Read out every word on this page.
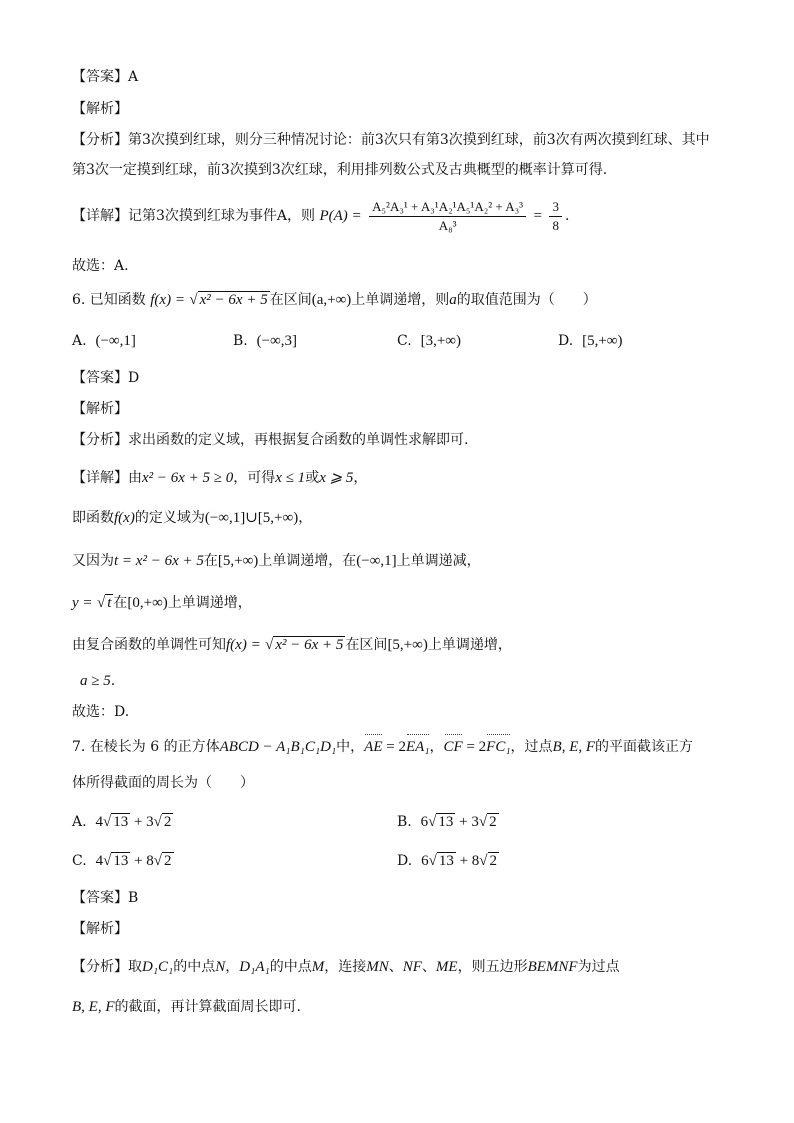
【答案】A
【解析】
【分析】第3次摸到红球，则分三种情况讨论：前3次只有第3次摸到红球，前3次有两次摸到红球、其中
第3次一定摸到红球，前3次摸到3次红球，利用排列数公式及古典概型的概率计算可得.
【详解】记第3次摸到红球为事件A，则 $P(A) = \frac{\text{A₅²A₃¹ + A₃¹A₂¹A₅¹A₂² + A₃³}}{\text{A₈³}} = \frac{3}{8}$ .
故选：A.
6. 已知函数 f(x) = √ x² − 6x + 5 在区间(a,+∞)上单调递增，则a的取值范围为（　　）
A. (−∞,1]	B. (−∞,3]	C. [3,+∞)	D. [5,+∞)
【答案】D
【解析】
【分析】求出函数的定义域，再根据复合函数的单调性求解即可.
【详解】由x² − 6x + 5 ≥ 0，可得x ≤ 1或x ⩾ 5，
即函数f(x)的定义域为(−∞,1]∪[5,+∞)，
又因为t = x² − 6x + 5在[5,+∞)上单调递增，在(−∞,1]上单调递减，
y = √ t 在[0,+∞)上单调递增，
由复合函数的单调性可知f(x) = √ x² − 6x + 5 在区间[5,+∞)上单调递增，
a ≥ 5.
故选：D.
7. 在棱长为 6 的正方体ABCD − A₁B₁C₁D₁中，AE = 2EA₁，CF = 2FC₁，过点B, E, F的平面截该正方
体所得截面的周长为（　　）
A. 4√ 13 + 3√ 2	B. 6√ 13 + 3√ 2
C. 4√ 13 + 8√ 2	D. 6√ 13 + 8√ 2
【答案】B
【解析】
【分析】取D₁C₁的中点N，D₁A₁的中点M，连接MN、NF、ME，则五边形BEMNF为过点
B, E, F的截面，再计算截面周长即可.
